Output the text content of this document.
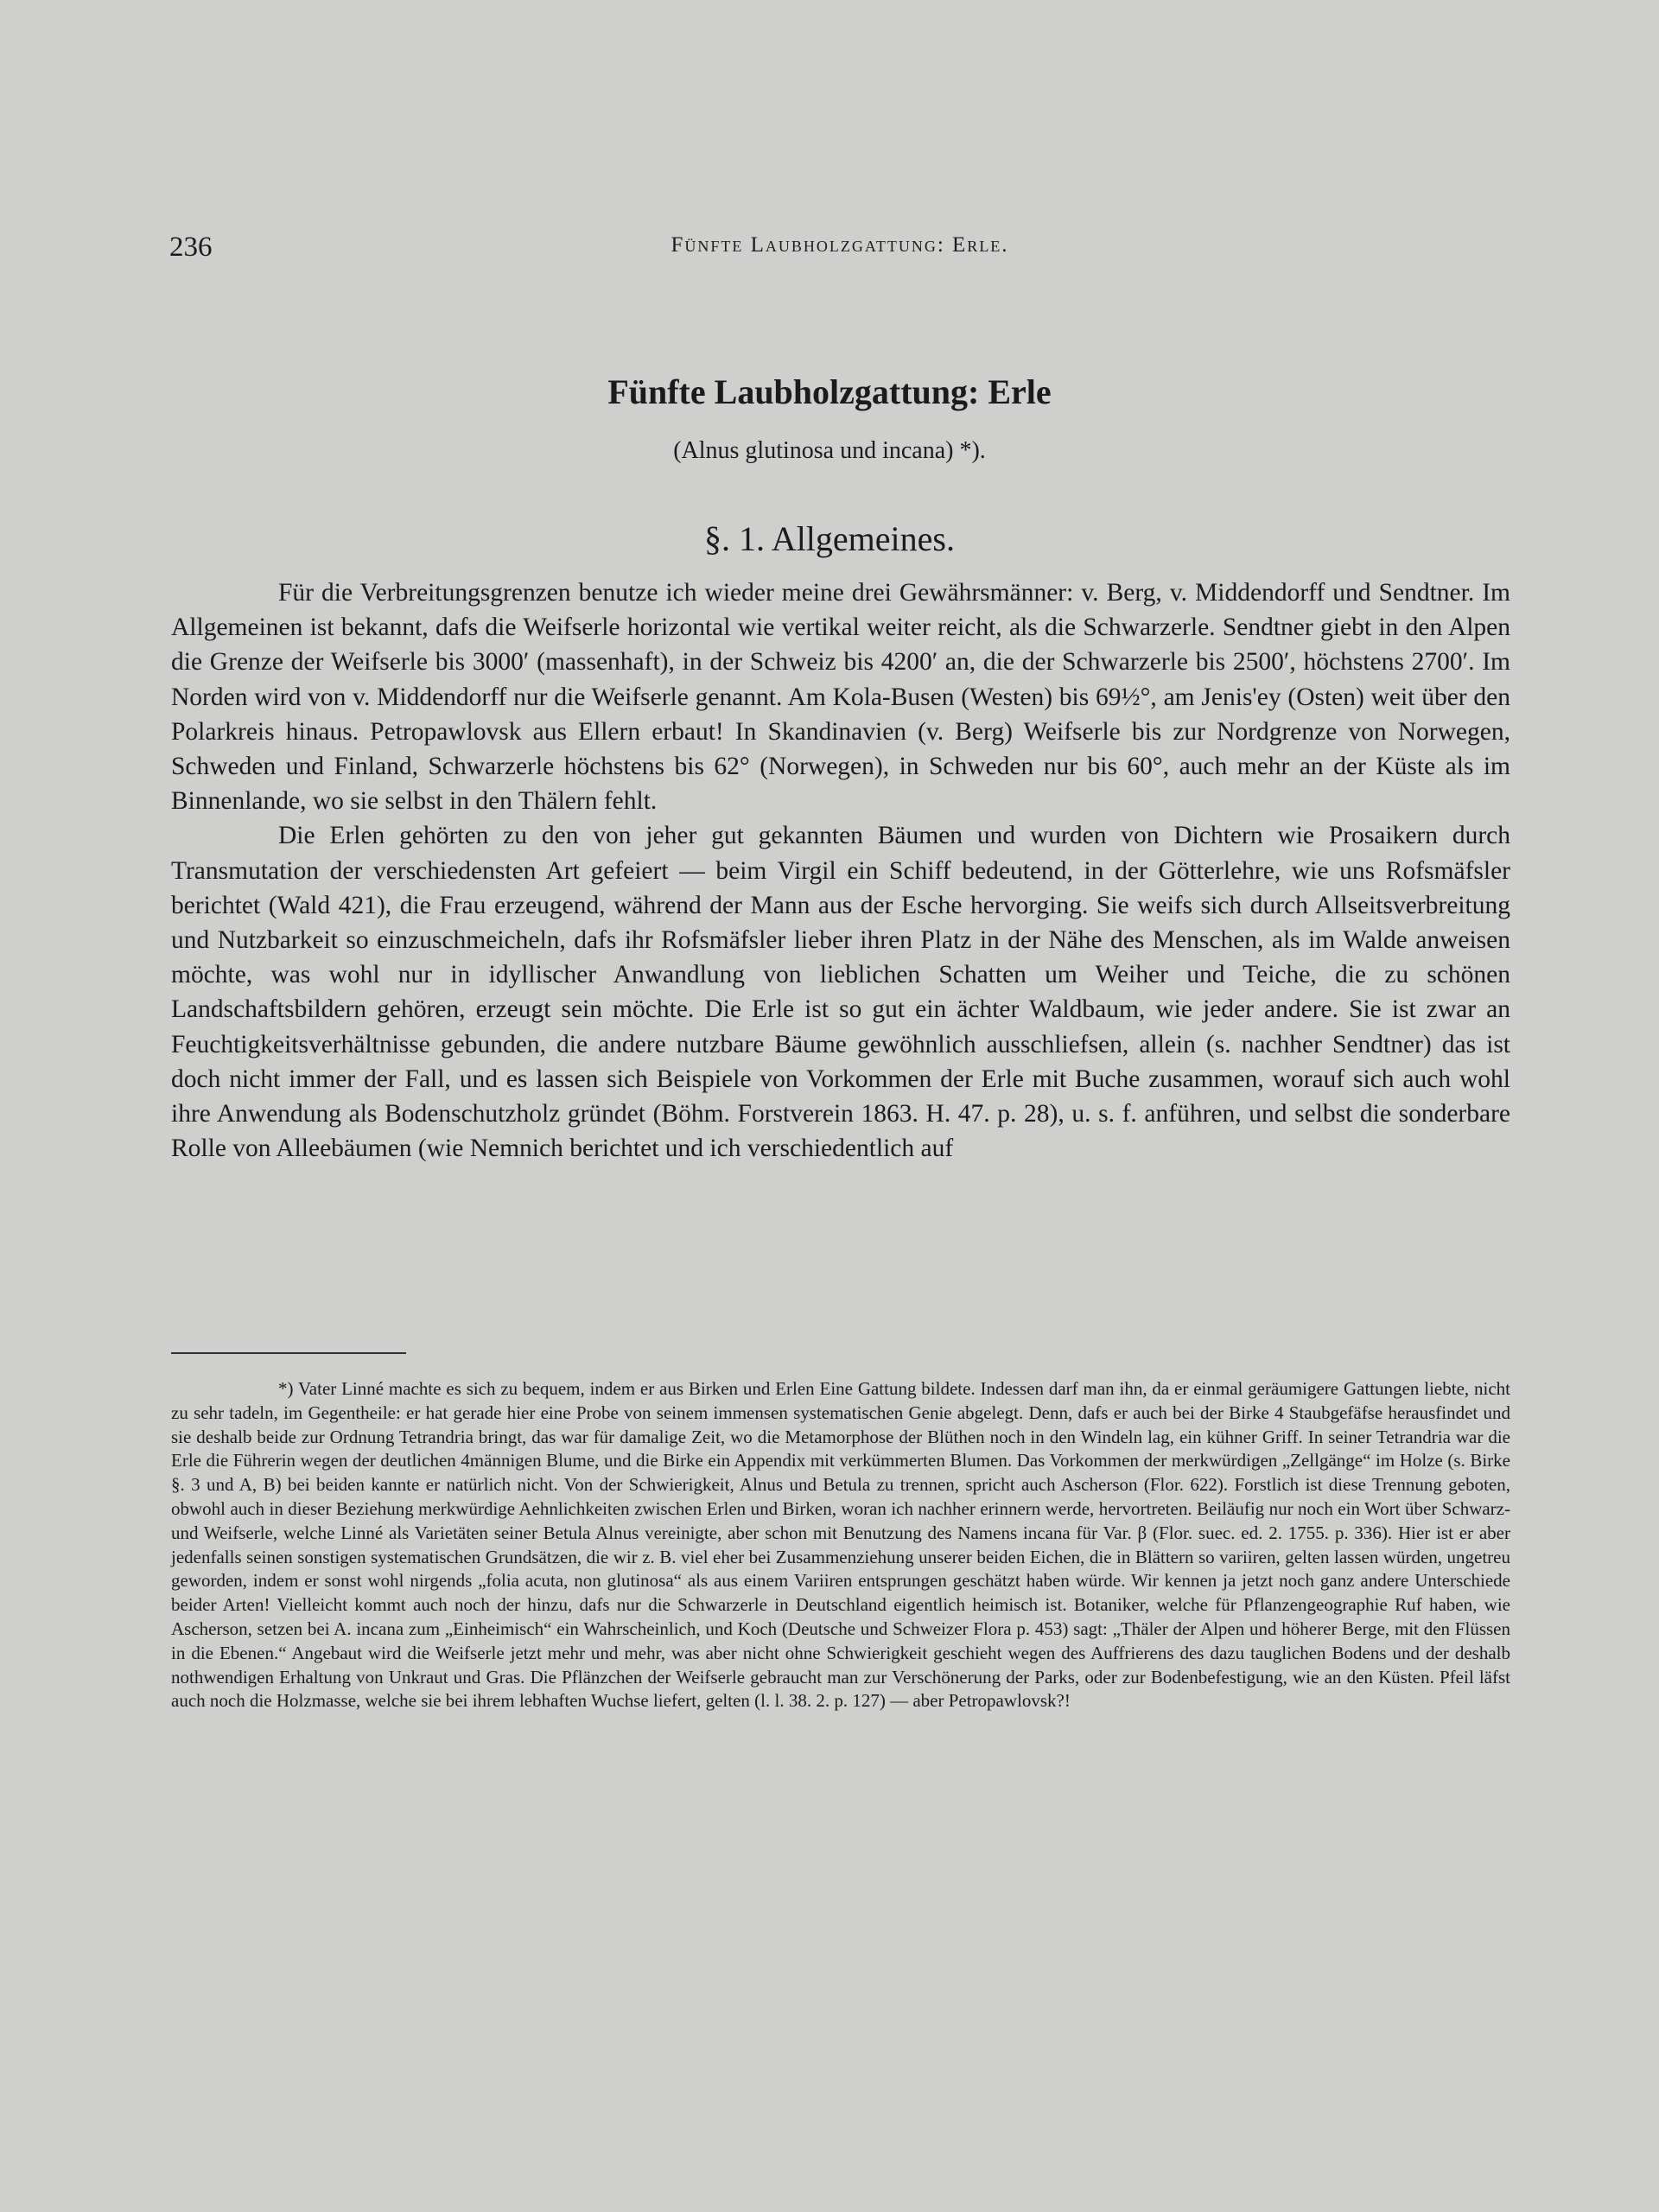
236	Fünfte Laubholzgattung: Erle.
Fünfte Laubholzgattung: Erle
(Alnus glutinosa und incana) *).
§. 1. Allgemeines.

Für die Verbreitungsgrenzen benutze ich wieder meine drei Gewährsmänner: v. Berg, v. Middendorff und Sendtner. Im Allgemeinen ist bekannt, dafs die Weifserle horizontal wie vertikal weiter reicht, als die Schwarzerle. Sendtner giebt in den Alpen die Grenze der Weifserle bis 3000′ (massenhaft), in der Schweiz bis 4200′ an, die der Schwarzerle bis 2500′, höchstens 2700′. Im Norden wird von v. Middendorff nur die Weifserle genannt. Am Kola-Busen (Westen) bis 69½°, am Jenis'ey (Osten) weit über den Polarkreis hinaus. Petropawlovsk aus Ellern erbaut! In Skandinavien (v. Berg) Weifserle bis zur Nordgrenze von Norwegen, Schweden und Finland, Schwarzerle höchstens bis 62° (Norwegen), in Schweden nur bis 60°, auch mehr an der Küste als im Binnenlande, wo sie selbst in den Thälern fehlt.

Die Erlen gehörten zu den von jeher gut gekannten Bäumen und wurden von Dichtern wie Prosaikern durch Transmutation der verschiedensten Art gefeiert — beim Virgil ein Schiff bedeutend, in der Götterlehre, wie uns Rofsmäfsler berichtet (Wald 421), die Frau erzeugend, während der Mann aus der Esche hervorging. Sie weifs sich durch Allseitsverbreitung und Nutzbarkeit so einzuschmeicheln, dafs ihr Rofsmäfsler lieber ihren Platz in der Nähe des Menschen, als im Walde anweisen möchte, was wohl nur in idyllischer Anwandlung von lieblichen Schatten um Weiher und Teiche, die zu schönen Landschaftsbildern gehören, erzeugt sein möchte. Die Erle ist so gut ein ächter Waldbaum, wie jeder andere. Sie ist zwar an Feuchtigkeitsverhältnisse gebunden, die andere nutzbare Bäume gewöhnlich ausschliefsen, allein (s. nachher Sendtner) das ist doch nicht immer der Fall, und es lassen sich Beispiele von Vorkommen der Erle mit Buche zusammen, worauf sich auch wohl ihre Anwendung als Bodenschutzholz gründet (Böhm. Forstverein 1863. H. 47. p. 28), u. s. f. anführen, und selbst die sonderbare Rolle von Alleebäumen (wie Nemnich berichtet und ich verschiedentlich auf

*) Vater Linné machte es sich zu bequem, indem er aus Birken und Erlen Eine Gattung bildete. Indessen darf man ihn, da er einmal geräumigere Gattungen liebte, nicht zu sehr tadeln, im Gegentheile: er hat gerade hier eine Probe von seinem immensen systematischen Genie abgelegt. Denn, dafs er auch bei der Birke 4 Staubgefäfse herausfindet und sie deshalb beide zur Ordnung Tetrandria bringt, das war für damalige Zeit, wo die Metamorphose der Blüthen noch in den Windeln lag, ein kühner Griff. In seiner Tetrandria war die Erle die Führerin wegen der deutlichen 4männigen Blume, und die Birke ein Appendix mit verkümmerten Blumen. Das Vorkommen der merkwürdigen „Zellgänge“ im Holze (s. Birke §. 3 und A, B) bei beiden kannte er natürlich nicht. Von der Schwierigkeit, Alnus und Betula zu trennen, spricht auch Ascherson (Flor. 622). Forstlich ist diese Trennung geboten, obwohl auch in dieser Beziehung merkwürdige Aehnlichkeiten zwischen Erlen und Birken, woran ich nachher erinnern werde, hervortreten. Beiläufig nur noch ein Wort über Schwarz- und Weifserle, welche Linné als Varietäten seiner Betula Alnus vereinigte, aber schon mit Benutzung des Namens incana für Var. β (Flor. suec. ed. 2. 1755. p. 336). Hier ist er aber jedenfalls seinen sonstigen systematischen Grundsätzen, die wir z. B. viel eher bei Zusammenziehung unserer beiden Eichen, die in Blättern so variiren, gelten lassen würden, ungetreu geworden, indem er sonst wohl nirgends „folia acuta, non glutinosa“ als aus einem Variiren entsprungen geschätzt haben würde. Wir kennen ja jetzt noch ganz andere Unterschiede beider Arten! Vielleicht kommt auch noch der hinzu, dafs nur die Schwarzerle in Deutschland eigentlich heimisch ist. Botaniker, welche für Pflanzengeographie Ruf haben, wie Ascherson, setzen bei A. incana zum „Einheimisch“ ein Wahrscheinlich, und Koch (Deutsche und Schweizer Flora p. 453) sagt: „Thäler der Alpen und höherer Berge, mit den Flüssen in die Ebenen.“ Angebaut wird die Weifserle jetzt mehr und mehr, was aber nicht ohne Schwierigkeit geschieht wegen des Auffrierens des dazu tauglichen Bodens und der deshalb nothwendigen Erhaltung von Unkraut und Gras. Die Pflänzchen der Weifserle gebraucht man zur Verschönerung der Parks, oder zur Bodenbefestigung, wie an den Küsten. Pfeil läfst auch noch die Holzmasse, welche sie bei ihrem lebhaften Wuchse liefert, gelten (l. l. 38. 2. p. 127) — aber Petropawlovsk?!
